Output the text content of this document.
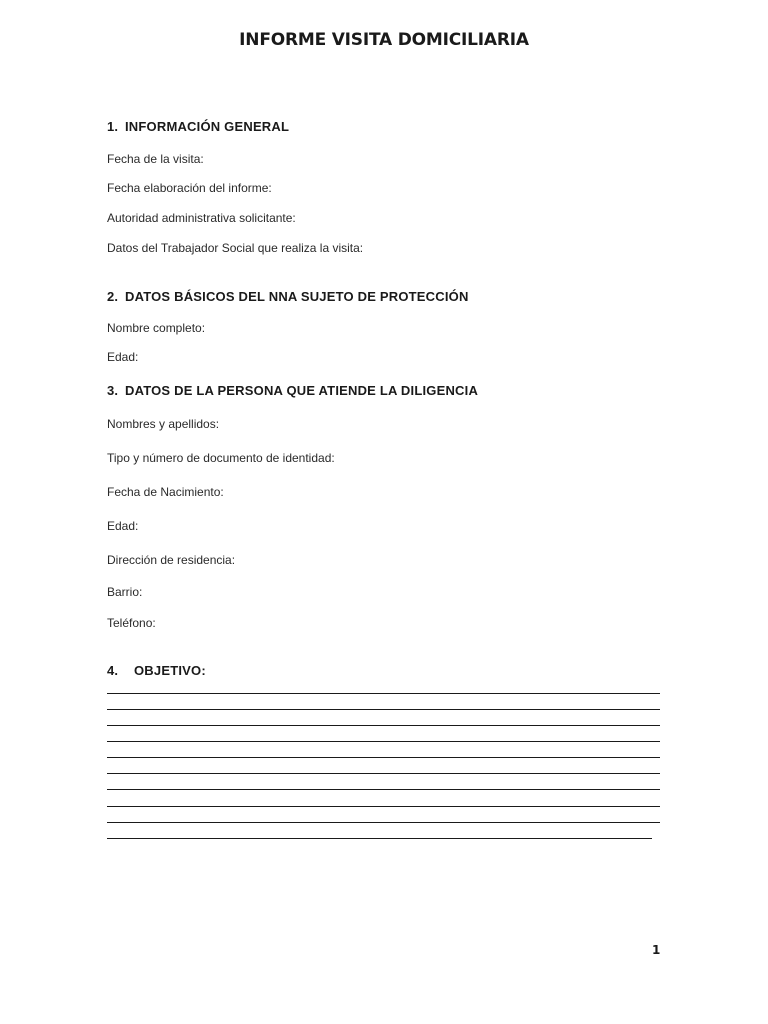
INFORME VISITA DOMICILIARIA
1. INFORMACIÓN GENERAL
Fecha de la visita:
Fecha elaboración del informe:
Autoridad administrativa solicitante:
Datos del Trabajador Social que realiza la visita:
2. DATOS BÁSICOS DEL NNA SUJETO DE PROTECCIÓN
Nombre completo:
Edad:
3. DATOS DE LA PERSONA QUE ATIENDE LA DILIGENCIA
Nombres y apellidos:
Tipo y número de documento de identidad:
Fecha de Nacimiento:
Edad:
Dirección de residencia:
Barrio:
Teléfono:
4. OBJETIVO:
1
